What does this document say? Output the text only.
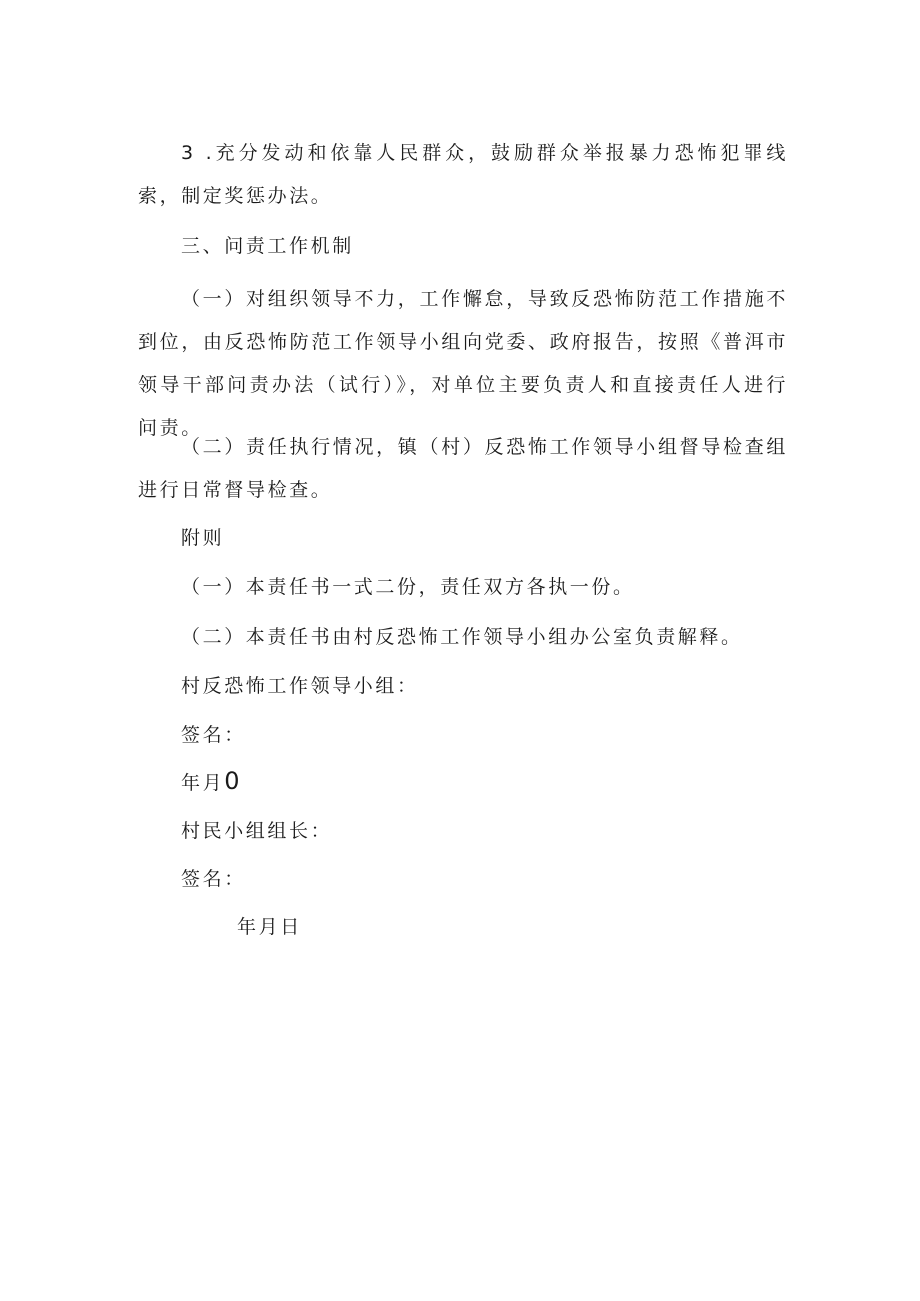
3 .充分发动和依靠人民群众，鼓励群众举报暴力恐怖犯罪线索，制定奖惩办法。

三、问责工作机制

（一）对组织领导不力，工作懈怠，导致反恐怖防范工作措施不到位，由反恐怖防范工作领导小组向党委、政府报告，按照《普洱市领导干部问责办法（试行）》，对单位主要负责人和直接责任人进行问责。

（二）责任执行情况，镇（村）反恐怖工作领导小组督导检查组进行日常督导检查。

附则

（一）本责任书一式二份，责任双方各执一份。

（二）本责任书由村反恐怖工作领导小组办公室负责解释。

村反恐怖工作领导小组：

签名：

年月0

村民小组组长：

签名：

年月日
